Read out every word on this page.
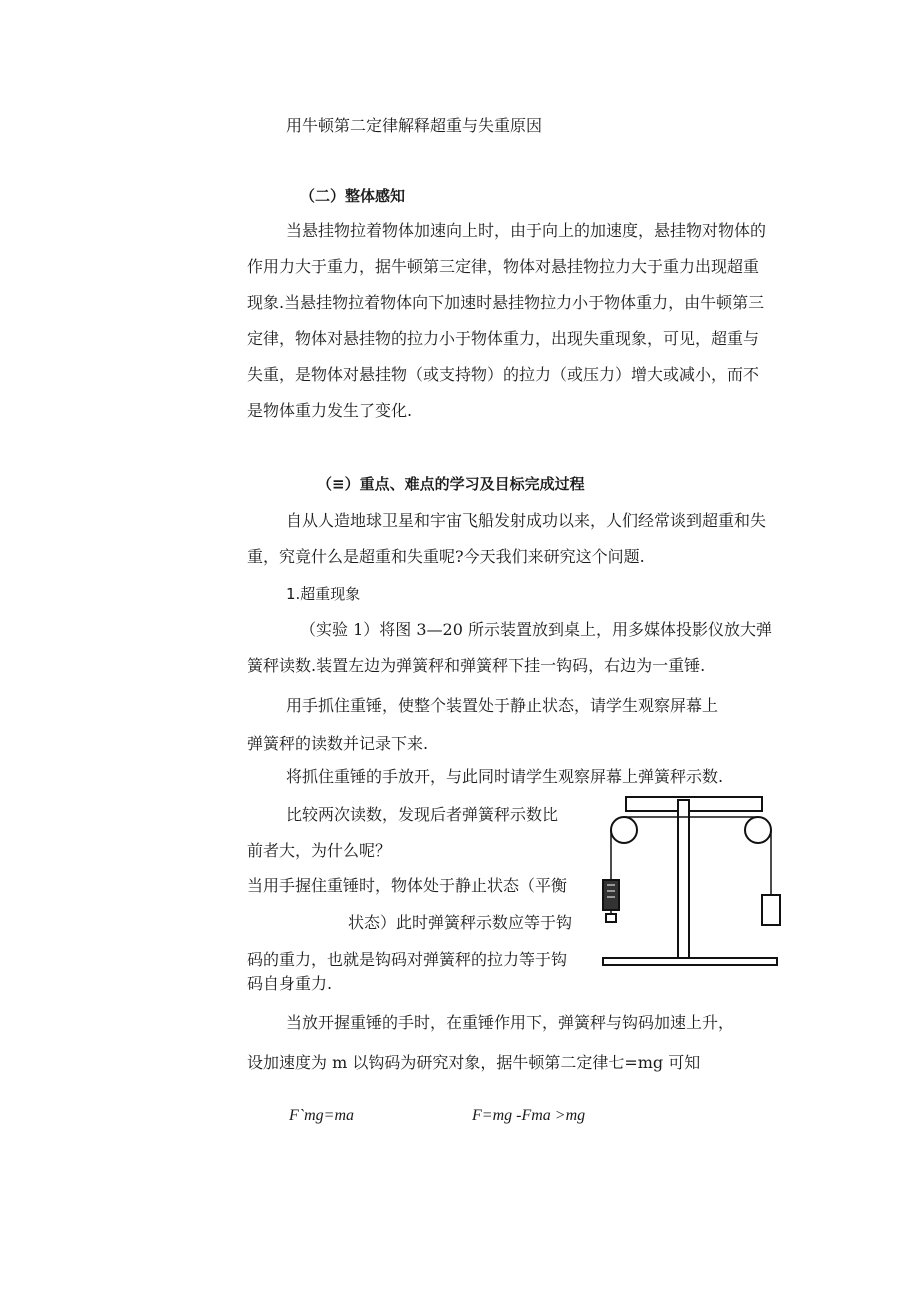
用牛顿第二定律解释超重与失重原因
（二）整体感知
当悬挂物拉着物体加速向上时，由于向上的加速度，悬挂物对物体的
作用力大于重力，据牛顿第三定律，物体对悬挂物拉力大于重力出现超重
现象.当悬挂物拉着物体向下加速时悬挂物拉力小于物体重力，由牛顿第三
定律，物体对悬挂物的拉力小于物体重力，出现失重现象，可见，超重与
失重，是物体对悬挂物（或支持物）的拉力（或压力）增大或减小，而不
是物体重力发生了变化.
（≡）重点、难点的学习及目标完成过程
自从人造地球卫星和宇宙飞船发射成功以来，人们经常谈到超重和失
重，究竟什么是超重和失重呢?今天我们来研究这个问题.
1.超重现象
（实验 1）将图 3—20 所示装置放到桌上，用多媒体投影仪放大弹
簧秤读数.装置左边为弹簧秤和弹簧秤下挂一钩码，右边为一重锤.
用手抓住重锤，使整个装置处于静止状态，请学生观察屏幕上
弹簧秤的读数并记录下来.
将抓住重锤的手放开，与此同时请学生观察屏幕上弹簧秤示数.
比较两次读数，发现后者弹簧秤示数比
前者大，为什么呢？
当用手握住重锤时，物体处于静止状态（平衡
状态）此时弹簧秤示数应等于钩
码的重力，也就是钩码对弹簧秤的拉力等于钩
码自身重力.
当放开握重锤的手时，在重锤作用下，弹簧秤与钩码加速上升，
设加速度为 m 以钩码为研究对象，据牛顿第二定律七=mg 可知
F`mg=ma	F=mg -Fma >mg
